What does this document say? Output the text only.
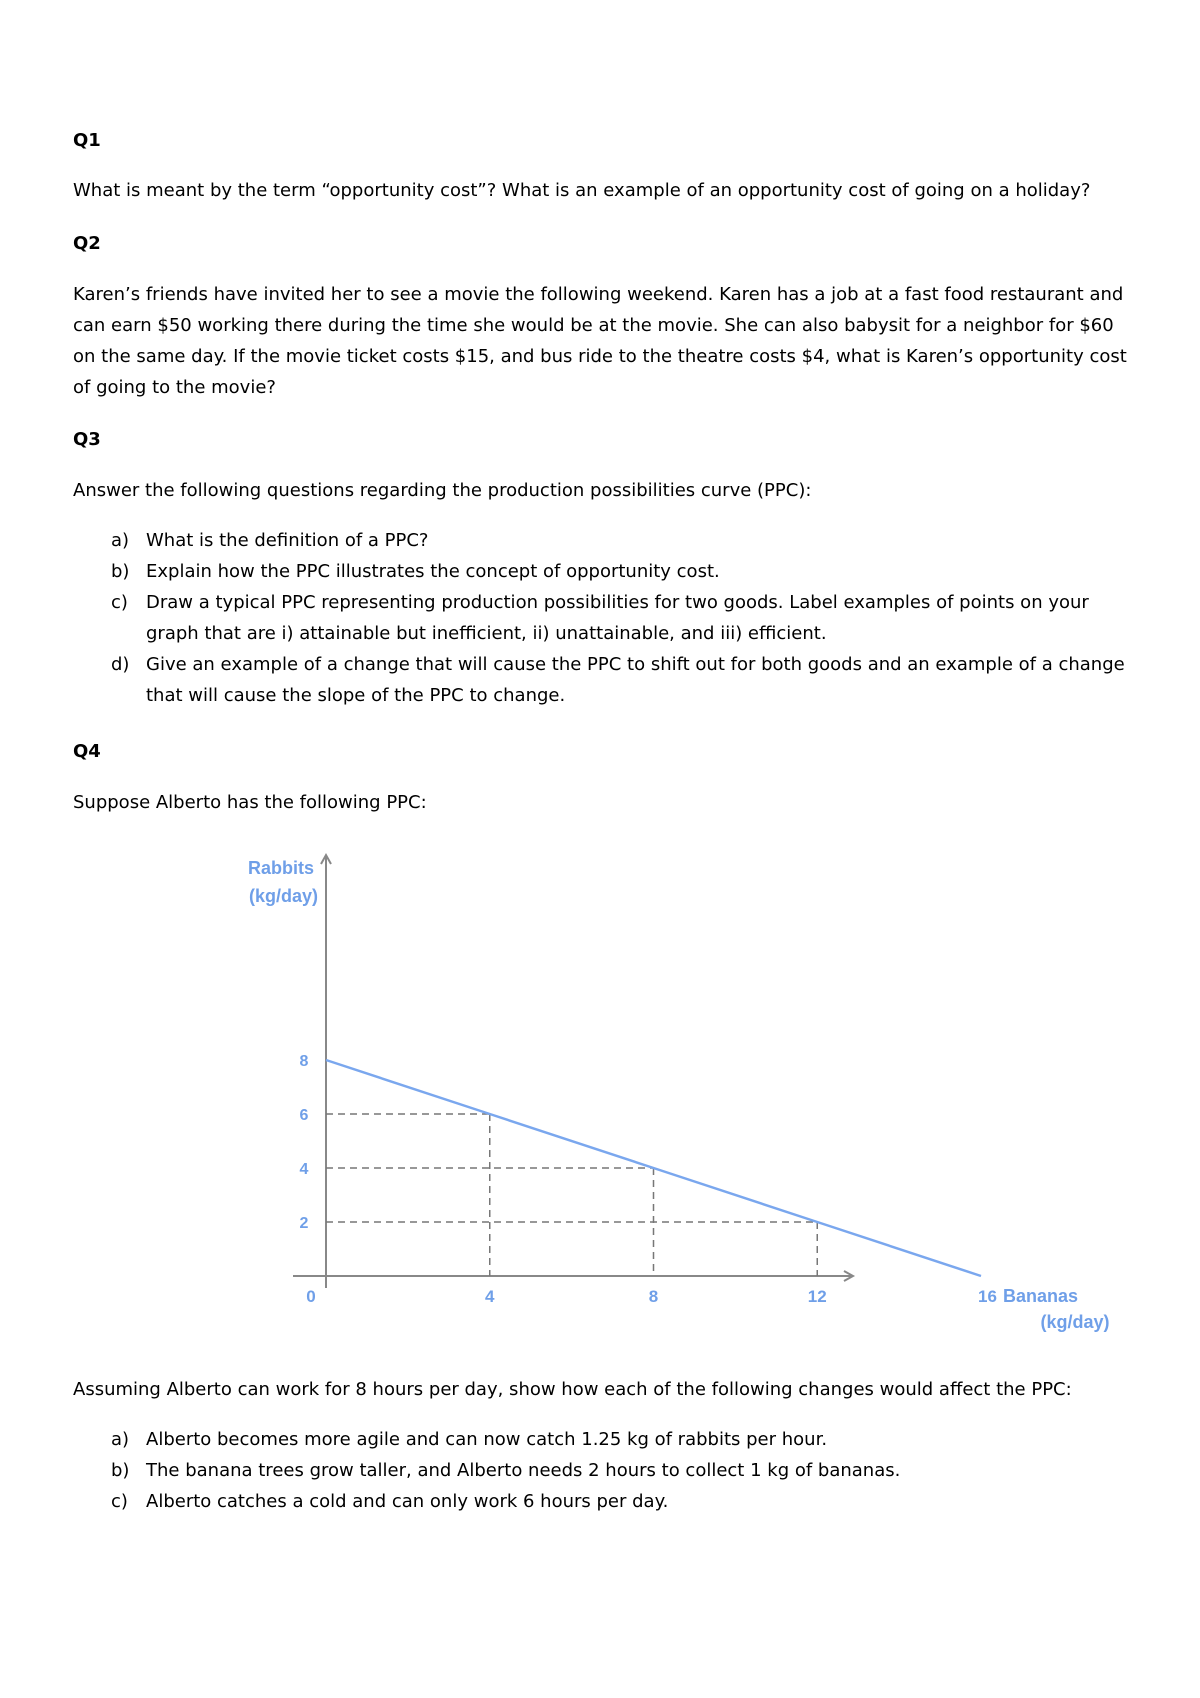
Q1

What is meant by the term “opportunity cost”? What is an example of an opportunity cost of going on a holiday?

Q2

Karen’s friends have invited her to see a movie the following weekend. Karen has a job at a fast food restaurant and can earn $50 working there during the time she would be at the movie. She can also babysit for a neighbor for $60 on the same day. If the movie ticket costs $15, and bus ride to the theatre costs $4, what is Karen’s opportunity cost of going to the movie?

Q3

Answer the following questions regarding the production possibilities curve (PPC):

a) What is the definition of a PPC?
b) Explain how the PPC illustrates the concept of opportunity cost.
c) Draw a typical PPC representing production possibilities for two goods. Label examples of points on your graph that are i) attainable but inefficient, ii) unattainable, and iii) efficient.
d) Give an example of a change that will cause the PPC to shift out for both goods and an example of a change that will cause the slope of the PPC to change.
Q4

Suppose Alberto has the following PPC:

2
4
6
8
0	4	8	12	16 Bananas
(kg/day)
Rabbits
(kg/day)

Assuming Alberto can work for 8 hours per day, show how each of the following changes would affect the PPC:

a) Alberto becomes more agile and can now catch 1.25 kg of rabbits per hour.
b) The banana trees grow taller, and Alberto needs 2 hours to collect 1 kg of bananas.
c) Alberto catches a cold and can only work 6 hours per day.
